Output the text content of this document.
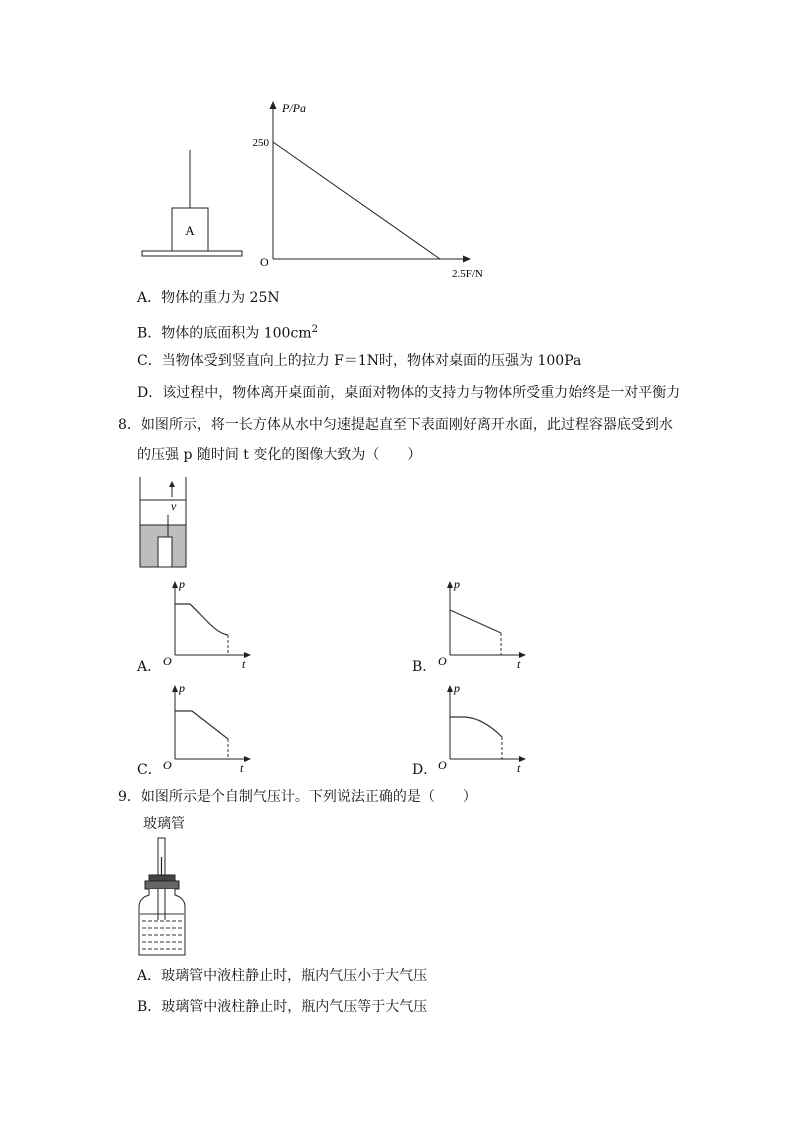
A
P/Pa
250
O
2.5F/N
A．物体的重力为 25N
B．物体的底面积为 $100cm^2$
C．当物体受到竖直向上的拉力 F＝1N时，物体对桌面的压强为 100Pa
D．该过程中，物体离开桌面前，桌面对物体的支持力与物体所受重力始终是一对平衡力
8．如图所示，将一长方体从水中匀速提起直至下表面刚好离开水面，此过程容器底受到水
的压强 p 随时间 t 变化的图像大致为（　　）
v
p
t
O
A．
p
t
O
B．
p
t
O
C．
p
t
O
D．
9．如图所示是个自制气压计。下列说法正确的是（　　）
玻璃管
A．玻璃管中液柱静止时，瓶内气压小于大气压
B．玻璃管中液柱静止时，瓶内气压等于大气压
